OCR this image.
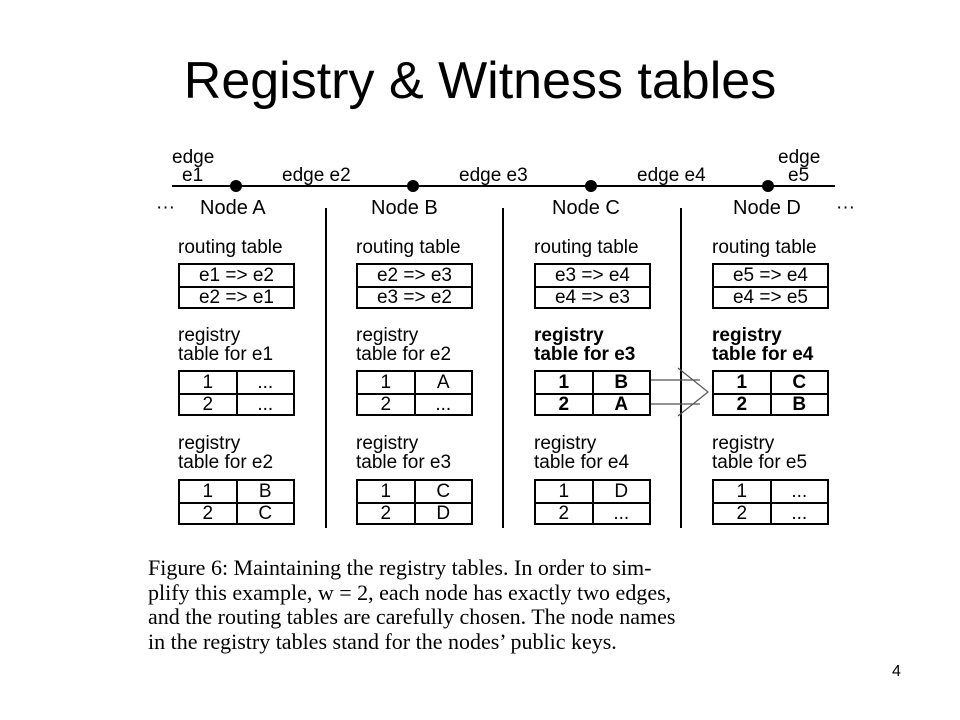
Registry & Witness tables
edge
e1	edge e2	edge e3	edge e4
edge
e5
···	···
Node A
routing table
e1 => e2
e2 => e1
registry
table for e1
1	...
2	...
registry
table for e2
1	B
2	C
Node B
routing table
e2 => e3
e3 => e2
registry
table for e2
1	A
2	...
registry
table for e3
1	C
2	D
Node C
routing table
e3 => e4
e4 => e3
registry
table for e3
1	B
2	A
registry
table for e4
1	D
2	...
Node D
routing table
e5 => e4
e4 => e5
registry
table for e4
1	C
2	B
registry
table for e5
1	...
2	...
Figure 6: Maintaining the registry tables. In order to sim-
plify this example, w = 2, each node has exactly two edges,
and the routing tables are carefully chosen. The node names
in the registry tables stand for the nodes’ public keys.
4
